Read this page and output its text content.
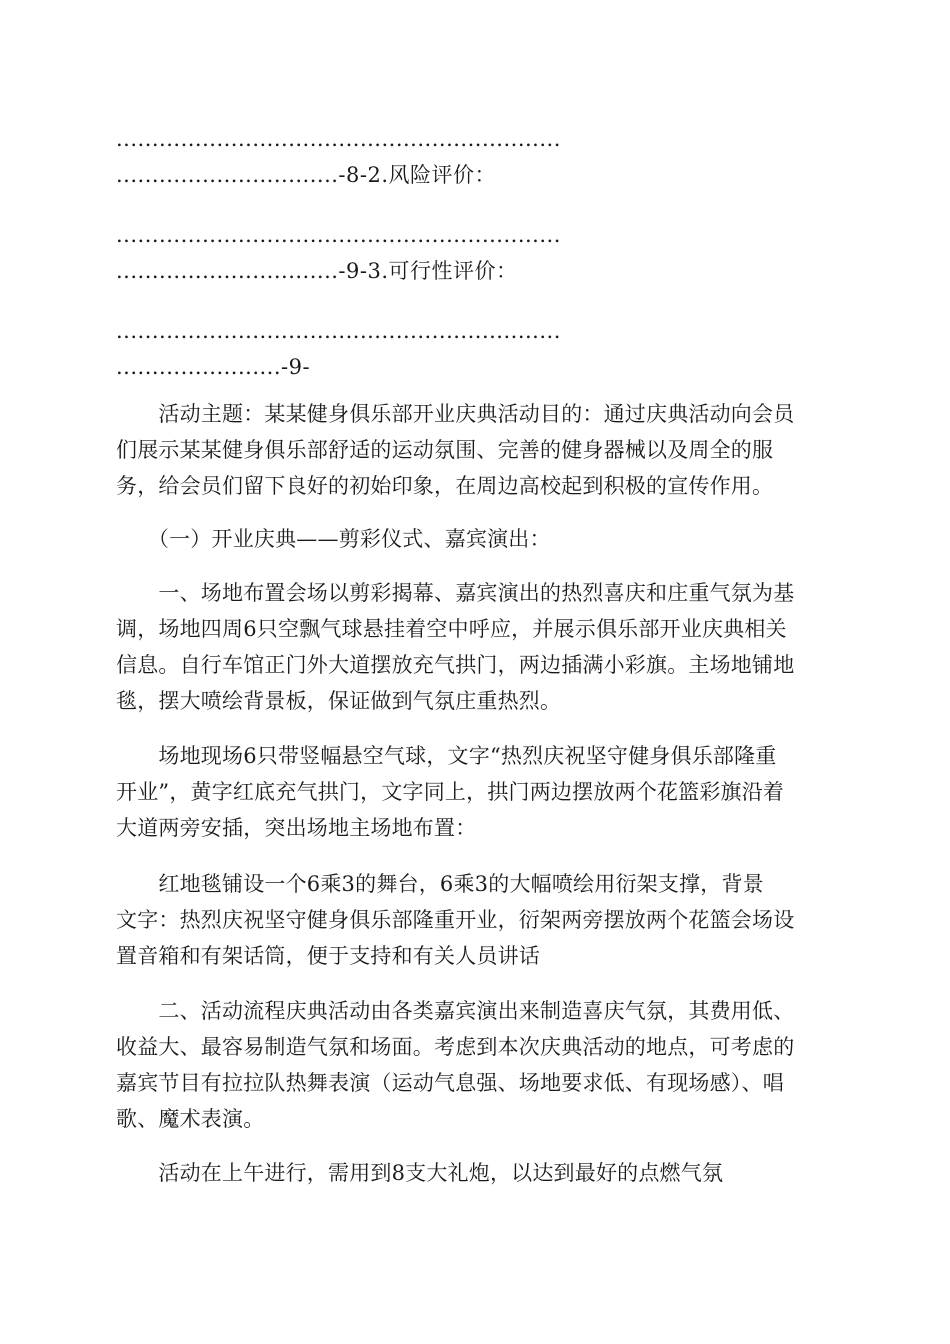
..............................................................
...............................-8-2.风险评价：
..............................................................
...............................-9-3.可行性评价：
..............................................................
.......................-9-
　　活动主题：某某健身俱乐部开业庆典活动目的：通过庆典活动向会员
们展示某某健身俱乐部舒适的运动氛围、完善的健身器械以及周全的服
务，给会员们留下良好的初始印象，在周边高校起到积极的宣传作用。
　　（一）开业庆典——剪彩仪式、嘉宾演出：
　　一、场地布置会场以剪彩揭幕、嘉宾演出的热烈喜庆和庄重气氛为基
调，场地四周6只空飘气球悬挂着空中呼应，并展示俱乐部开业庆典相关
信息。自行车馆正门外大道摆放充气拱门，两边插满小彩旗。主场地铺地
毯，摆大喷绘背景板，保证做到气氛庄重热烈。
　　场地现场6只带竖幅悬空气球，文字“热烈庆祝坚守健身俱乐部隆重
开业”，黄字红底充气拱门，文字同上，拱门两边摆放两个花篮彩旗沿着
大道两旁安插，突出场地主场地布置：
　　红地毯铺设一个6乘3的舞台，6乘3的大幅喷绘用衍架支撑，背景
文字：热烈庆祝坚守健身俱乐部隆重开业，衍架两旁摆放两个花篮会场设
置音箱和有架话筒，便于支持和有关人员讲话
　　二、活动流程庆典活动由各类嘉宾演出来制造喜庆气氛，其费用低、
收益大、最容易制造气氛和场面。考虑到本次庆典活动的地点，可考虑的
嘉宾节目有拉拉队热舞表演（运动气息强、场地要求低、有现场感）、唱
歌、魔术表演。
　　活动在上午进行，需用到8支大礼炮，以达到最好的点燃气氛
